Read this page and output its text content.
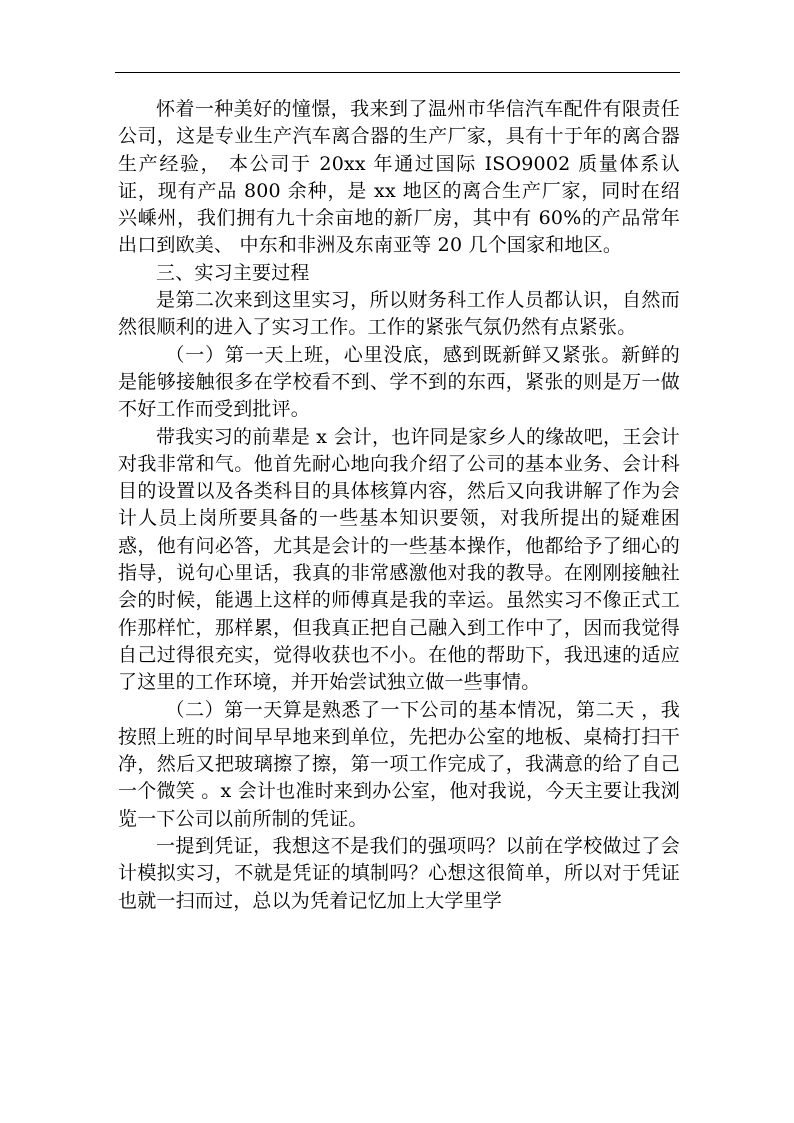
怀着一种美好的憧憬，我来到了温州市华信汽车配件有限责任公司，这是专业生产汽车离合器的生产厂家，具有十于年的离合器生产经验， 本公司于 20xx 年通过国际 ISO9002 质量体系认证，现有产品 800 余种，是 xx 地区的离合生产厂家，同时在绍兴嵊州，我们拥有九十余亩地的新厂房，其中有 60%的产品常年出口到欧美、 中东和非洲及东南亚等 20 几个国家和地区。

三、实习主要过程

是第二次来到这里实习，所以财务科工作人员都认识，自然而然很顺利的进入了实习工作。工作的紧张气氛仍然有点紧张。

（一）第一天上班，心里没底，感到既新鲜又紧张。新鲜的是能够接触很多在学校看不到、学不到的东西，紧张的则是万一做不好工作而受到批评。

带我实习的前辈是 x 会计，也许同是家乡人的缘故吧，王会计对我非常和气。他首先耐心地向我介绍了公司的基本业务、会计科目的设置以及各类科目的具体核算内容，然后又向我讲解了作为会计人员上岗所要具备的一些基本知识要领，对我所提出的疑难困惑，他有问必答，尤其是会计的一些基本操作，他都给予了细心的指导，说句心里话，我真的非常感激他对我的教导。在刚刚接触社会的时候，能遇上这样的师傅真是我的幸运。虽然实习不像正式工作那样忙，那样累，但我真正把自己融入到工作中了，因而我觉得自己过得很充实，觉得收获也不小。在他的帮助下，我迅速的适应了这里的工作环境，并开始尝试独立做一些事情。

（二）第一天算是熟悉了一下公司的基本情况，第二天 ，我按照上班的时间早早地来到单位，先把办公室的地板、桌椅打扫干净，然后又把玻璃擦了擦，第一项工作完成了，我满意的给了自己一个微笑 。x 会计也准时来到办公室，他对我说，今天主要让我浏览一下公司以前所制的凭证。

一提到凭证，我想这不是我们的强项吗？以前在学校做过了会计模拟实习，不就是凭证的填制吗？心想这很简单，所以对于凭证也就一扫而过，总以为凭着记忆加上大学里学
